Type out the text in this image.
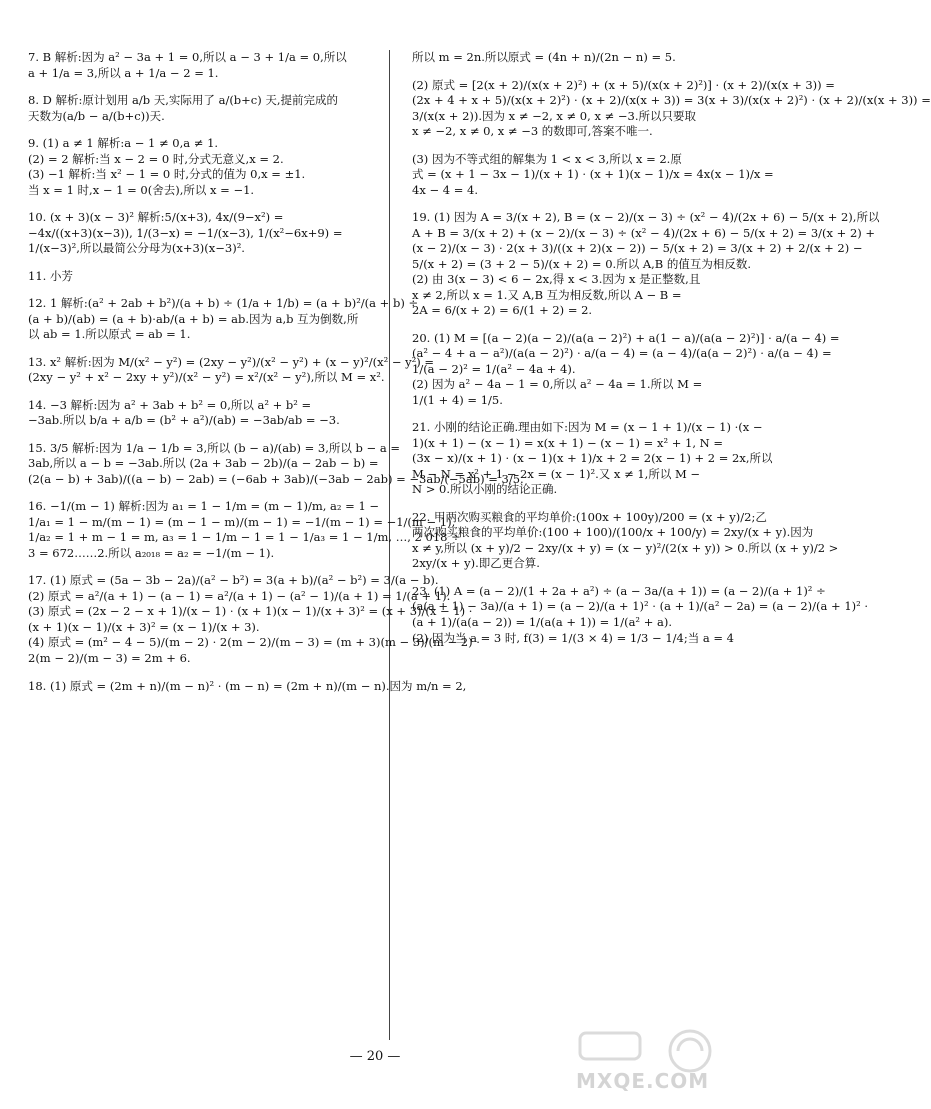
7. B 解析:因为 a² − 3a + 1 = 0,所以 a − 3 + 1/a = 0,所以
a + 1/a = 3,所以 a + 1/a − 2 = 1.
8. D 解析:原计划用 a/b 天,实际用了 a/(b+c) 天,提前完成的
天数为(a/b − a/(b+c))天.
9. (1) a ≠ 1 解析:a − 1 ≠ 0,a ≠ 1.
(2) = 2 解析:当 x − 2 = 0 时,分式无意义,x = 2.
(3) −1 解析:当 x² − 1 = 0 时,分式的值为 0,x = ±1.
当 x = 1 时,x − 1 = 0(舍去),所以 x = −1.
10. (x + 3)(x − 3)² 解析:5/(x+3), 4x/(9−x²) =
−4x/((x+3)(x−3)), 1/(3−x) = −1/(x−3), 1/(x²−6x+9) =
1/(x−3)²,所以最简公分母为(x+3)(x−3)².
11. 小芳
12. 1 解析:(a² + 2ab + b²)/(a + b) ÷ (1/a + 1/b) = (a + b)²/(a + b) ÷
(a + b)/(ab) = (a + b)·ab/(a + b) = ab.因为 a,b 互为倒数,所
以 ab = 1.所以原式 = ab = 1.
13. x² 解析:因为 M/(x² − y²) = (2xy − y²)/(x² − y²) + (x − y)²/(x² − y²) =
(2xy − y² + x² − 2xy + y²)/(x² − y²) = x²/(x² − y²),所以 M = x².
14. −3 解析:因为 a² + 3ab + b² = 0,所以 a² + b² =
−3ab.所以 b/a + a/b = (b² + a²)/(ab) = −3ab/ab = −3.
15. 3/5 解析:因为 1/a − 1/b = 3,所以 (b − a)/(ab) = 3,所以 b − a =
3ab,所以 a − b = −3ab.所以 (2a + 3ab − 2b)/(a − 2ab − b) =
(2(a − b) + 3ab)/((a − b) − 2ab) = (−6ab + 3ab)/(−3ab − 2ab) = −3ab/(−5ab) = 3/5.
16. −1/(m − 1) 解析:因为 a₁ = 1 − 1/m = (m − 1)/m, a₂ = 1 −
1/a₁ = 1 − m/(m − 1) = (m − 1 − m)/(m − 1) = −1/(m − 1) = −1/(m − 1),
1/a₂ = 1 + m − 1 = m, a₃ = 1 − 1/m − 1 = 1 − 1/a₃ = 1 − 1/m, …, 2 018 ÷
3 = 672……2.所以 a₂₀₁₈ = a₂ = −1/(m − 1).
17. (1) 原式 = (5a − 3b − 2a)/(a² − b²) = 3(a + b)/(a² − b²) = 3/(a − b).
(2) 原式 = a²/(a + 1) − (a − 1) = a²/(a + 1) − (a² − 1)/(a + 1) = 1/(a + 1).
(3) 原式 = (2x − 2 − x + 1)/(x − 1) · (x + 1)(x − 1)/(x + 3)² = (x + 3)/(x − 1) ·
(x + 1)(x − 1)/(x + 3)² = (x − 1)/(x + 3).
(4) 原式 = (m² − 4 − 5)/(m − 2) · 2(m − 2)/(m − 3) = (m + 3)(m − 3)/(m − 2) ·
2(m − 2)/(m − 3) = 2m + 6.
18. (1) 原式 = (2m + n)/(m − n)² · (m − n) = (2m + n)/(m − n).因为 m/n = 2,
所以 m = 2n.所以原式 = (4n + n)/(2n − n) = 5.
(2) 原式 = [2(x + 2)/(x(x + 2)²) + (x + 5)/(x(x + 2)²)] · (x + 2)/(x(x + 3)) =
(2x + 4 + x + 5)/(x(x + 2)²) · (x + 2)/(x(x + 3)) = 3(x + 3)/(x(x + 2)²) · (x + 2)/(x(x + 3)) =
3/(x(x + 2)).因为 x ≠ −2, x ≠ 0, x ≠ −3.所以只要取
x ≠ −2, x ≠ 0, x ≠ −3 的数即可,答案不唯一.
(3) 因为不等式组的解集为 1 < x < 3,所以 x = 2.原
式 = (x + 1 − 3x − 1)/(x + 1) · (x + 1)(x − 1)/x = 4x(x − 1)/x =
4x − 4 = 4.
19. (1) 因为 A = 3/(x + 2), B = (x − 2)/(x − 3) ÷ (x² − 4)/(2x + 6) − 5/(x + 2),所以
A + B = 3/(x + 2) + (x − 2)/(x − 3) ÷ (x² − 4)/(2x + 6) − 5/(x + 2) = 3/(x + 2) +
(x − 2)/(x − 3) · 2(x + 3)/((x + 2)(x − 2)) − 5/(x + 2) = 3/(x + 2) + 2/(x + 2) −
5/(x + 2) = (3 + 2 − 5)/(x + 2) = 0.所以 A,B 的值互为相反数.
(2) 由 3(x − 3) < 6 − 2x,得 x < 3.因为 x 是正整数,且
x ≠ 2,所以 x = 1.又 A,B 互为相反数,所以 A − B =
2A = 6/(x + 2) = 6/(1 + 2) = 2.
20. (1) M = [(a − 2)(a − 2)/(a(a − 2)²) + a(1 − a)/(a(a − 2)²)] · a/(a − 4) =
(a² − 4 + a − a²)/(a(a − 2)²) · a/(a − 4) = (a − 4)/(a(a − 2)²) · a/(a − 4) =
1/(a − 2)² = 1/(a² − 4a + 4).
(2) 因为 a² − 4a − 1 = 0,所以 a² − 4a = 1.所以 M =
1/(1 + 4) = 1/5.
21. 小刚的结论正确.理由如下:因为 M = (x − 1 + 1)/(x − 1) ·(x −
1)(x + 1) − (x − 1) = x(x + 1) − (x − 1) = x² + 1, N =
(3x − x)/(x + 1) · (x − 1)(x + 1)/x + 2 = 2(x − 1) + 2 = 2x,所以
M − N = x² + 1 − 2x = (x − 1)².又 x ≠ 1,所以 M −
N > 0.所以小刚的结论正确.
22. 甲两次购买粮食的平均单价:(100x + 100y)/200 = (x + y)/2;乙
两次购买粮食的平均单价:(100 + 100)/(100/x + 100/y) = 2xy/(x + y).因为
x ≠ y,所以 (x + y)/2 − 2xy/(x + y) = (x − y)²/(2(x + y)) > 0.所以 (x + y)/2 >
2xy/(x + y).即乙更合算.
23. (1) A = (a − 2)/(1 + 2a + a²) ÷ (a − 3a/(a + 1)) = (a − 2)/(a + 1)² ÷
(a(a + 1) − 3a)/(a + 1) = (a − 2)/(a + 1)² · (a + 1)/(a² − 2a) = (a − 2)/(a + 1)² ·
(a + 1)/(a(a − 2)) = 1/(a(a + 1)) = 1/(a² + a).
(2) 因为当 a = 3 时, f(3) = 1/(3 × 4) = 1/3 − 1/4;当 a = 4
— 20 —
MXQE.COM
